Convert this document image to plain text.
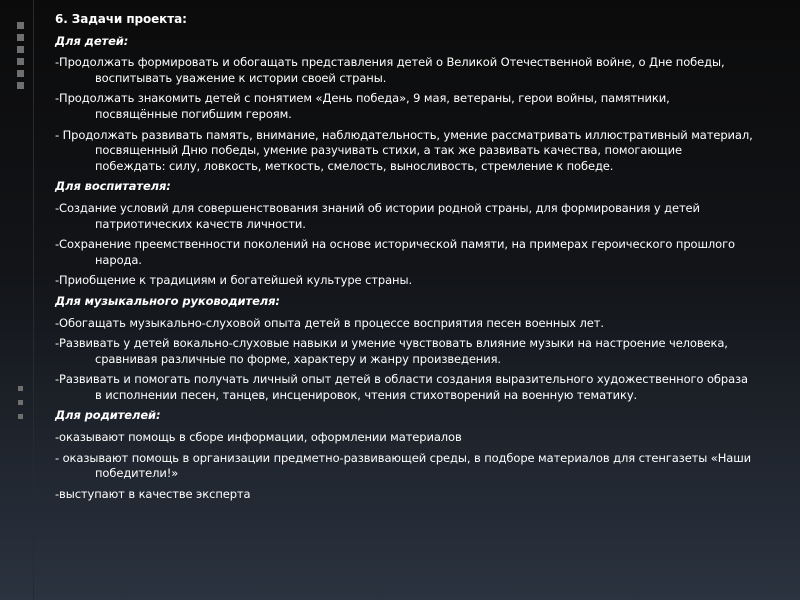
6. Задачи проекта:
Для детей:
-Продолжать формировать и обогащать представления детей о Великой Отечественной войне, о Дне победы, воспитывать уважение к истории своей страны.
-Продолжать знакомить детей с понятием «День победа», 9 мая, ветераны, герои войны, памятники, посвящённые погибшим героям.
- Продолжать развивать память, внимание, наблюдательность, умение рассматривать иллюстративный материал, посвященный Дню победы, умение разучивать стихи, а так же развивать качества, помогающие побеждать: силу, ловкость, меткость, смелость, выносливость, стремление к победе.
Для воспитателя:
-Создание условий для совершенствования знаний об истории родной страны, для формирования у детей патриотических качеств личности.
-Сохранение преемственности поколений на основе исторической памяти, на примерах героического прошлого народа.
-Приобщение к традициям и богатейшей культуре страны.
Для музыкального руководителя:
-Обогащать музыкально-слуховой опыта детей в процессе восприятия песен военных лет.
-Развивать у детей вокально-слуховые навыки и умение чувствовать влияние музыки на настроение человека, сравнивая различные по форме, характеру и жанру произведения.
-Развивать и помогать получать личный опыт детей в области создания выразительного художественного образа в исполнении песен, танцев, инсценировок, чтения стихотворений на военную тематику.
Для родителей:
-оказывают помощь в сборе информации, оформлении материалов
- оказывают помощь в организации предметно-развивающей среды, в подборе материалов для стенгазеты «Наши победители!»
-выступают в качестве эксперта
